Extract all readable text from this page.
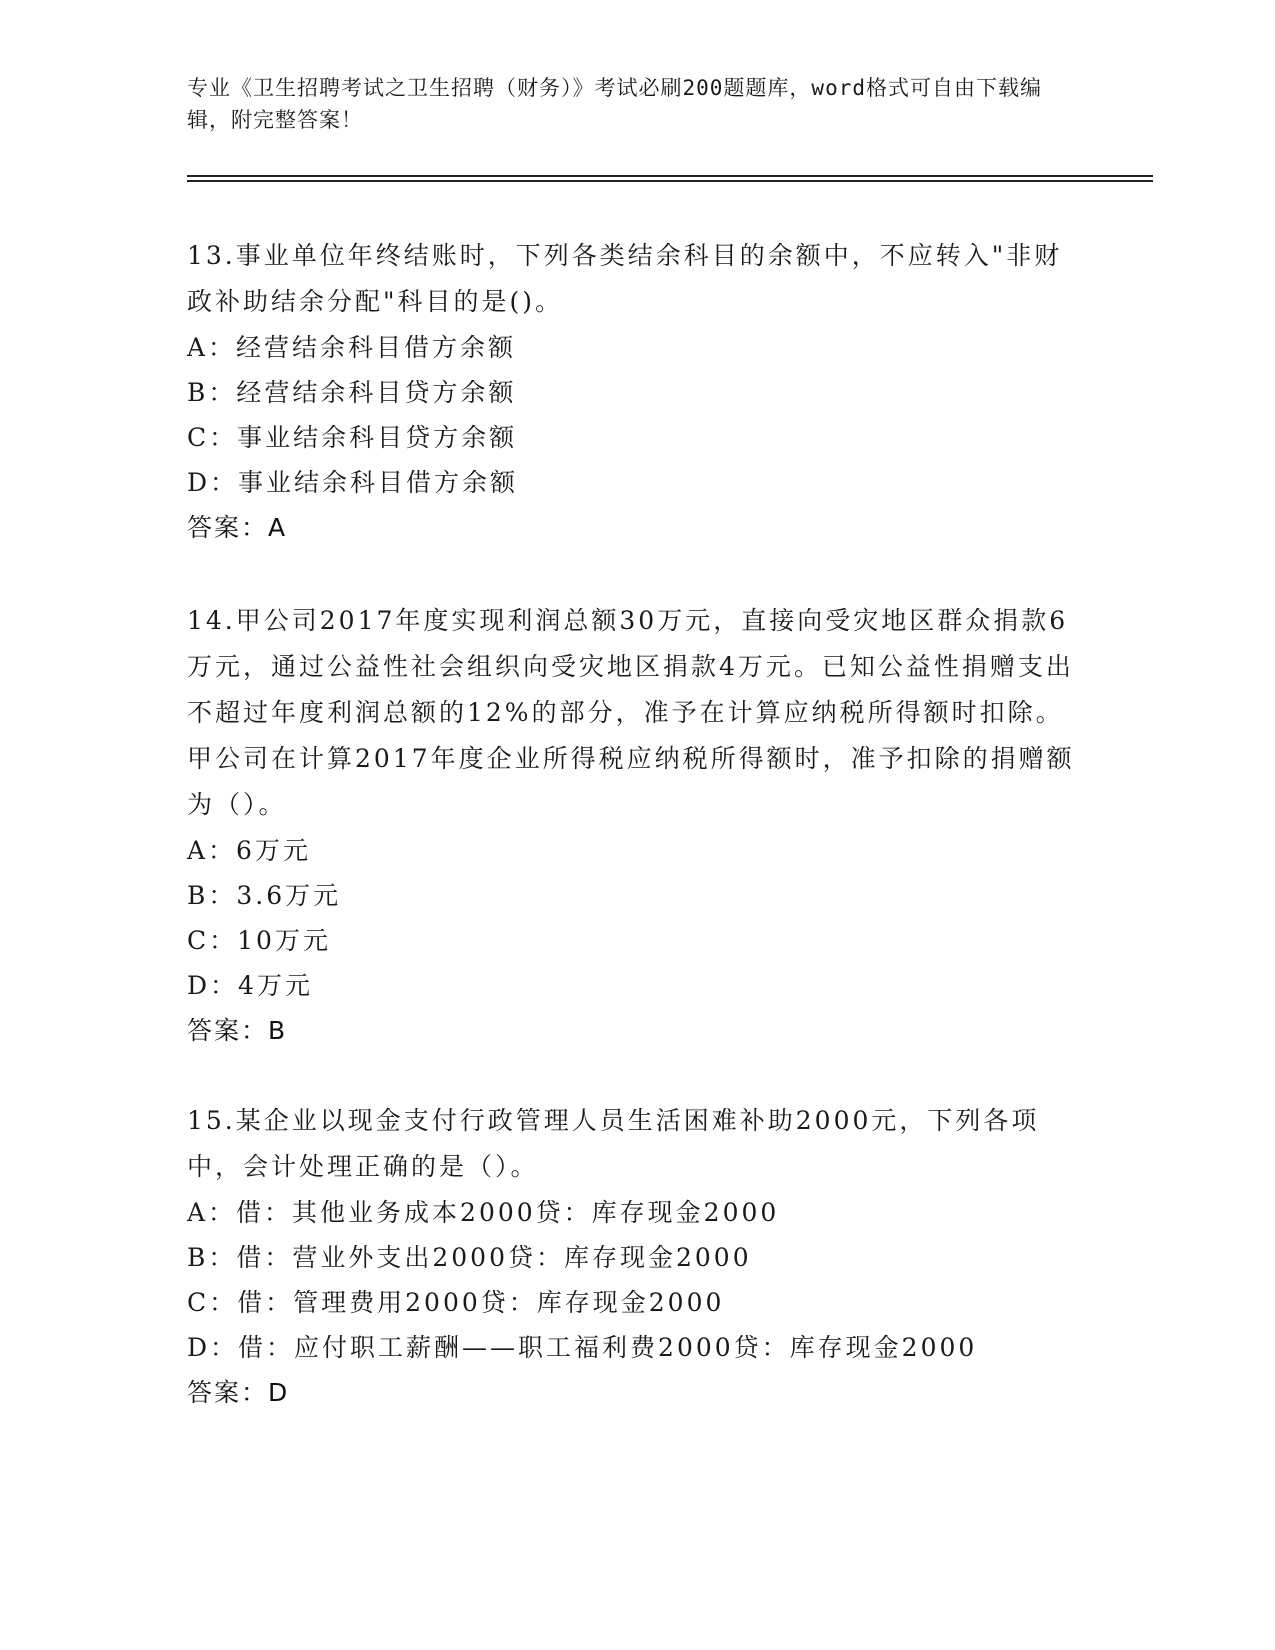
专业《卫生招聘考试之卫生招聘（财务）》考试必刷200题题库，word格式可自由下载编辑，附完整答案！

13.事业单位年终结账时，下列各类结余科目的余额中，不应转入"非财政补助结余分配"科目的是()。

A：经营结余科目借方余额

B：经营结余科目贷方余额

C：事业结余科目贷方余额

D：事业结余科目借方余额

答案：A

14.甲公司2017年度实现利润总额30万元，直接向受灾地区群众捐款6万元，通过公益性社会组织向受灾地区捐款4万元。已知公益性捐赠支出不超过年度利润总额的12%的部分，准予在计算应纳税所得额时扣除。甲公司在计算2017年度企业所得税应纳税所得额时，准予扣除的捐赠额为（）。

A：6万元

B：3.6万元

C：10万元

D：4万元

答案：B

15.某企业以现金支付行政管理人员生活困难补助2000元，下列各项中，会计处理正确的是（）。

A：借：其他业务成本2000贷：库存现金2000

B：借：营业外支出2000贷：库存现金2000

C：借：管理费用2000贷：库存现金2000

D：借：应付职工薪酬——职工福利费2000贷：库存现金2000

答案：D
